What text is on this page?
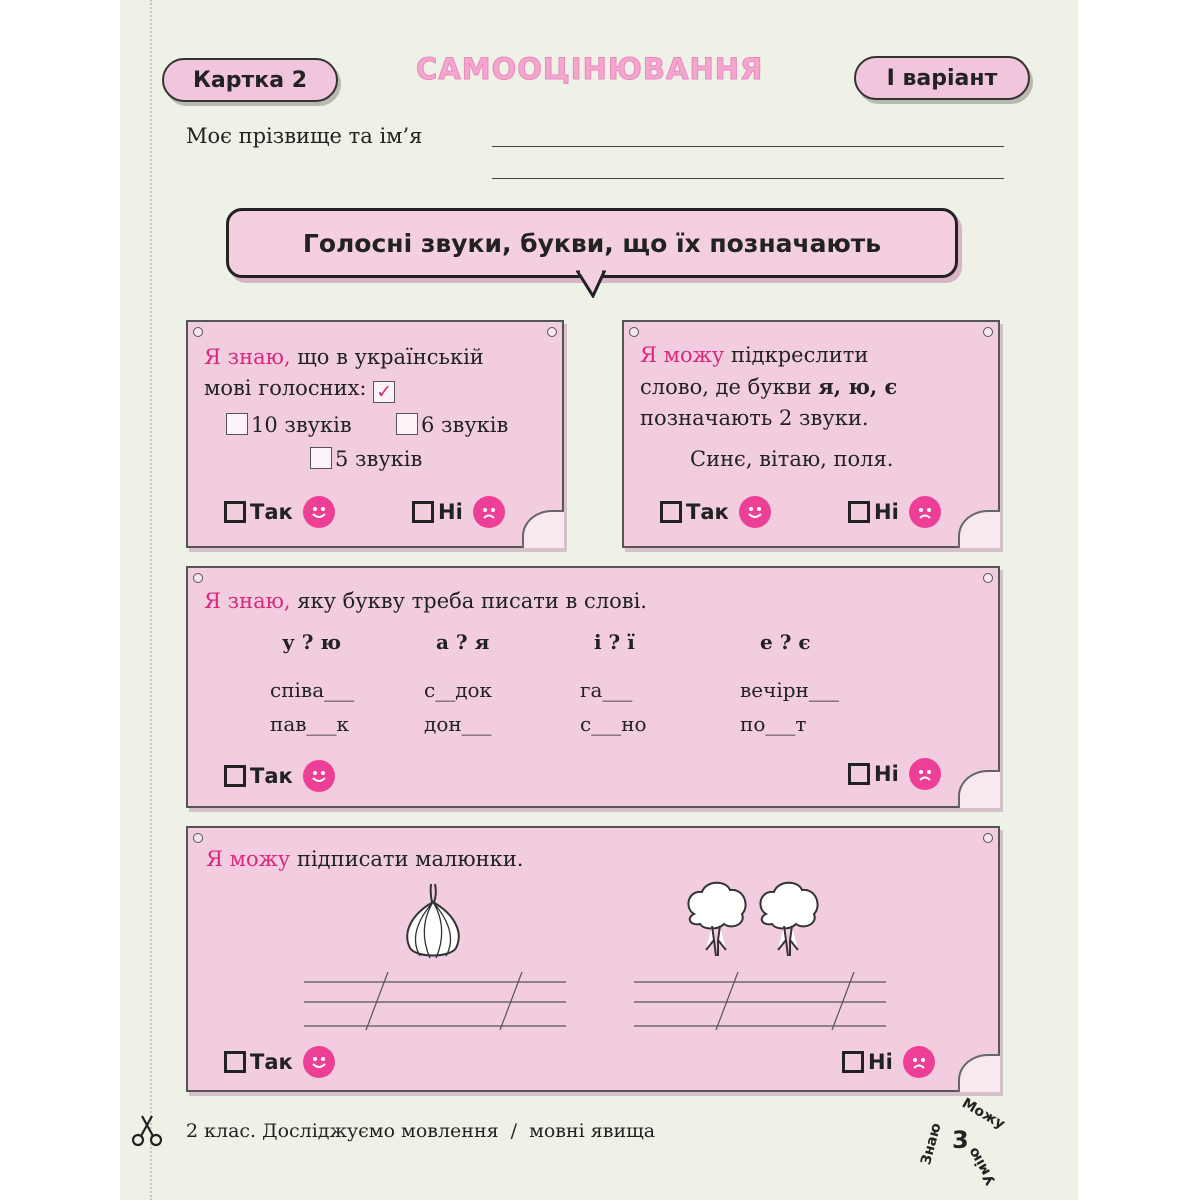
Картка 2	САМООЦІНЮВАННЯ	І варіант
Моє прізвище та ім’я
Голосні звуки, букви, що їх позначають
Я знаю, що в українській
мові голосних: ✓
10 звуків	6 звуків
5 звуків
Так	Ні
Я можу підкреслити
слово, де букви я, ю, є
позначають 2 звуки.
Синє, вітаю, поля.
Так	Ні
Я знаю, яку букву треба писати в слові.
у ? ю	а ? я	і ? ї	е ? є
співа___	с__док	га___	вечірн___
пав___к	дон___	с___но	по___т
Так	Ні
Я можу підписати малюнки.
Так	Ні
2 клас. Досліджуємо мовлення / мовні явища	3
Можу
Умію
Знаю
